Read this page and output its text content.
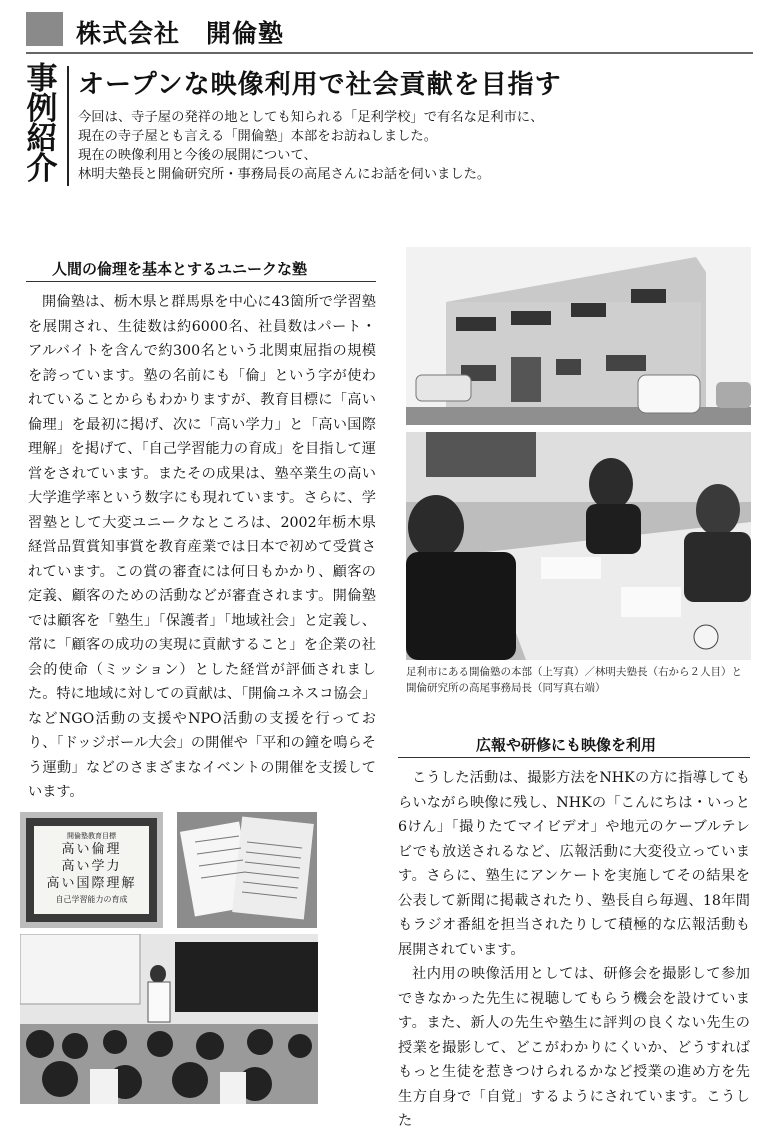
株式会社　開倫塾
事
例
紹
介
オープンな映像利用で社会貢献を目指す
今回は、寺子屋の発祥の地としても知られる「足利学校」で有名な足利市に、
現在の寺子屋とも言える「開倫塾」本部をお訪ねしました。
現在の映像利用と今後の展開について、
林明夫塾長と開倫研究所・事務局長の高尾さんにお話を伺いました。
人間の倫理を基本とするユニークな塾
開倫塾は、栃木県と群馬県を中心に43箇所で学習塾を展開され、生徒数は約6000名、社員数はパート・アルバイトを含んで約300名という北関東屈指の規模を誇っています。塾の名前にも「倫」という字が使われていることからもわかりますが、教育目標に「高い倫理」を最初に掲げ、次に「高い学力」と「高い国際理解」を掲げて、「自己学習能力の育成」を目指して運営をされています。またその成果は、塾卒業生の高い大学進学率という数字にも現れています。さらに、学習塾として大変ユニークなところは、2002年栃木県経営品質賞知事賞を教育産業では日本で初めて受賞されています。この賞の審査には何日もかかり、顧客の定義、顧客のための活動などが審査されます。開倫塾では顧客を「塾生」「保護者」「地域社会」と定義し、常に「顧客の成功の実現に貢献すること」を企業の社会的使命（ミッション）とした経営が評価されました。特に地域に対しての貢献は、「開倫ユネスコ協会」などNGO活動の支援やNPO活動の支援を行っており、「ドッジボール大会」の開催や「平和の鐘を鳴らそう運動」などのさまざまなイベントの開催を支援しています。
足利市にある開倫塾の本部（上写真）／林明夫塾長（右から２人目）と開倫研究所の高尾事務局長（同写真右端）
開倫塾教育目標
高い倫理
高い学力
高い国際理解
自己学習能力の育成
広報や研修にも映像を利用

こうした活動は、撮影方法をNHKの方に指導してもらいながら映像に残し、NHKの「こんにちは・いっと6けん」「撮りたてマイビデオ」や地元のケーブルテレビでも放送されるなど、広報活動に大変役立っています。さらに、塾生にアンケートを実施してその結果を公表して新聞に掲載されたり、塾長自ら毎週、18年間もラジオ番組を担当されたりして積極的な広報活動も展開されています。

社内用の映像活用としては、研修会を撮影して参加できなかった先生に視聴してもらう機会を設けています。また、新人の先生や塾生に評判の良くない先生の授業を撮影して、どこがわかりにくいか、どうすればもっと生徒を惹きつけられるかなど授業の進め方を先生方自身で「自覚」するようにされています。こうした
